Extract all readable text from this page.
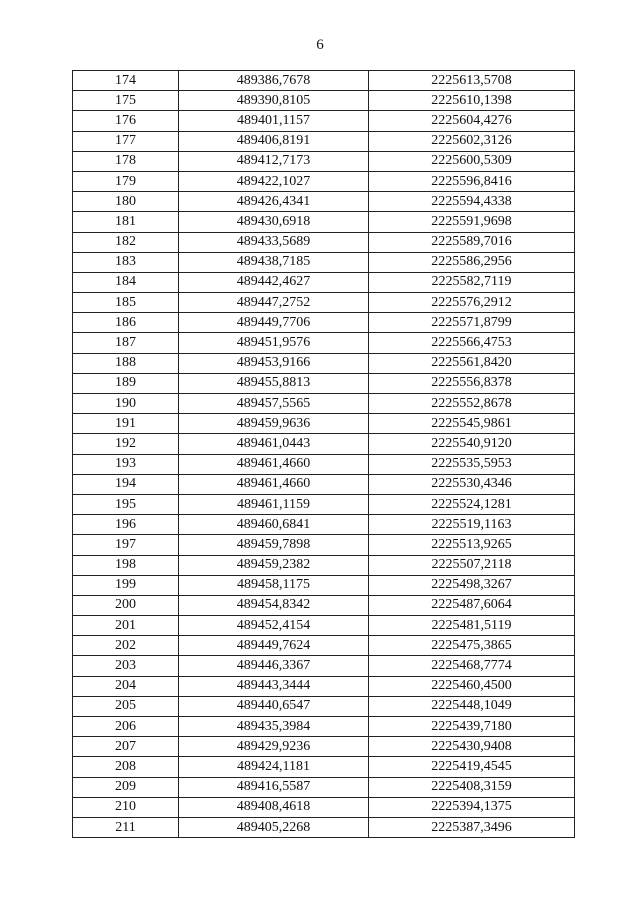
6
174	489386,7678	2225613,5708
175	489390,8105	2225610,1398
176	489401,1157	2225604,4276
177	489406,8191	2225602,3126
178	489412,7173	2225600,5309
179	489422,1027	2225596,8416
180	489426,4341	2225594,4338
181	489430,6918	2225591,9698
182	489433,5689	2225589,7016
183	489438,7185	2225586,2956
184	489442,4627	2225582,7119
185	489447,2752	2225576,2912
186	489449,7706	2225571,8799
187	489451,9576	2225566,4753
188	489453,9166	2225561,8420
189	489455,8813	2225556,8378
190	489457,5565	2225552,8678
191	489459,9636	2225545,9861
192	489461,0443	2225540,9120
193	489461,4660	2225535,5953
194	489461,4660	2225530,4346
195	489461,1159	2225524,1281
196	489460,6841	2225519,1163
197	489459,7898	2225513,9265
198	489459,2382	2225507,2118
199	489458,1175	2225498,3267
200	489454,8342	2225487,6064
201	489452,4154	2225481,5119
202	489449,7624	2225475,3865
203	489446,3367	2225468,7774
204	489443,3444	2225460,4500
205	489440,6547	2225448,1049
206	489435,3984	2225439,7180
207	489429,9236	2225430,9408
208	489424,1181	2225419,4545
209	489416,5587	2225408,3159
210	489408,4618	2225394,1375
211	489405,2268	2225387,3496
